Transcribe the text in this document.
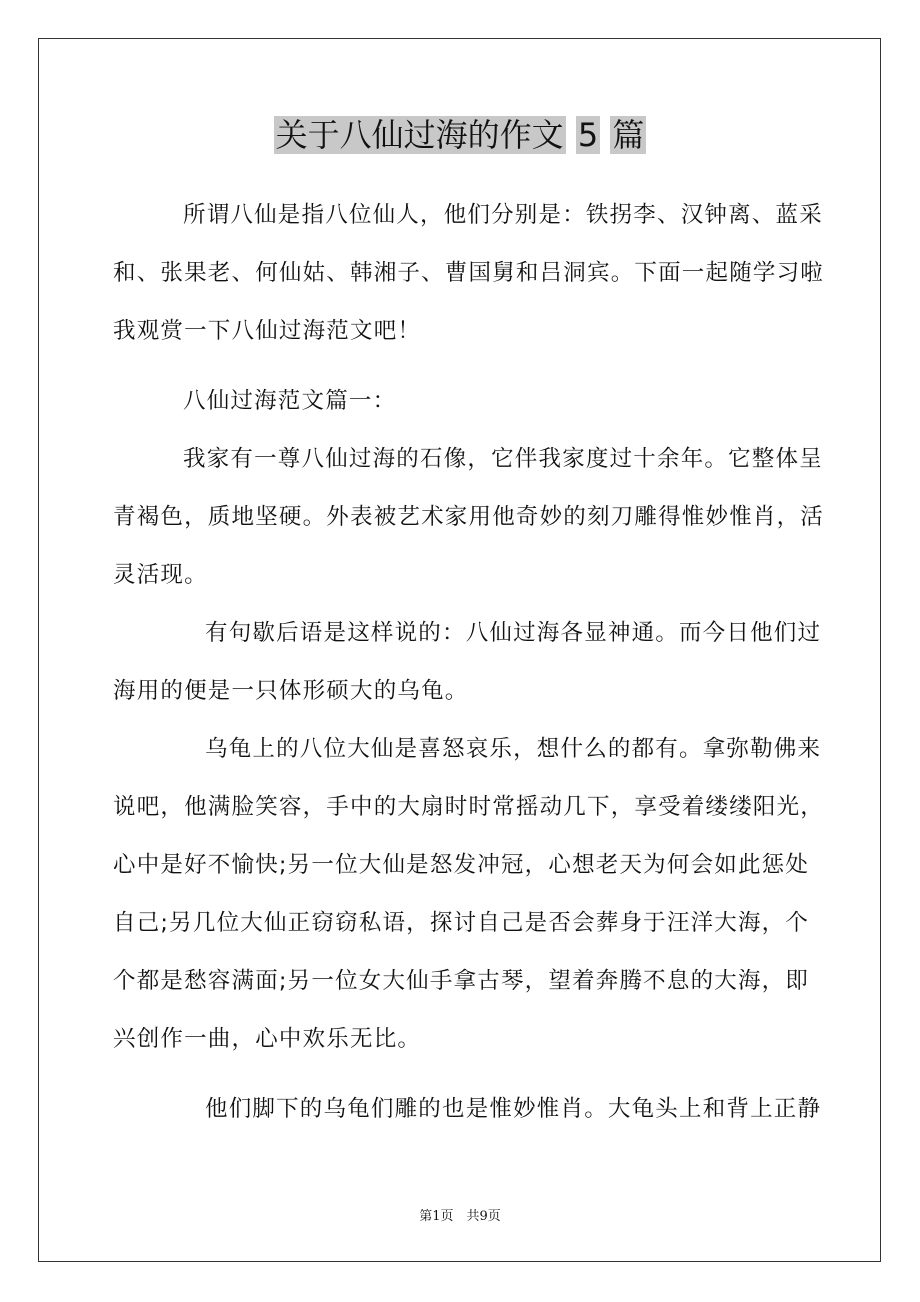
关于八仙过海的作文 5 篇
所谓八仙是指八位仙人，他们分别是：铁拐李、汉钟离、蓝采
和、张果老、何仙姑、韩湘子、曹国舅和吕洞宾。下面一起随学习啦
我观赏一下八仙过海范文吧！
八仙过海范文篇一：
我家有一尊八仙过海的石像，它伴我家度过十余年。它整体呈
青褐色，质地坚硬。外表被艺术家用他奇妙的刻刀雕得惟妙惟肖，活
灵活现。
有句歇后语是这样说的：八仙过海各显神通。而今日他们过
海用的便是一只体形硕大的乌龟。
乌龟上的八位大仙是喜怒哀乐，想什么的都有。拿弥勒佛来
说吧，他满脸笑容，手中的大扇时时常摇动几下，享受着缕缕阳光，
心中是好不愉快;另一位大仙是怒发冲冠，心想老天为何会如此惩处
自己;另几位大仙正窃窃私语，探讨自己是否会葬身于汪洋大海，个
个都是愁容满面;另一位女大仙手拿古琴，望着奔腾不息的大海，即
兴创作一曲，心中欢乐无比。
他们脚下的乌龟们雕的也是惟妙惟肖。大龟头上和背上正静
第1页　共9页
